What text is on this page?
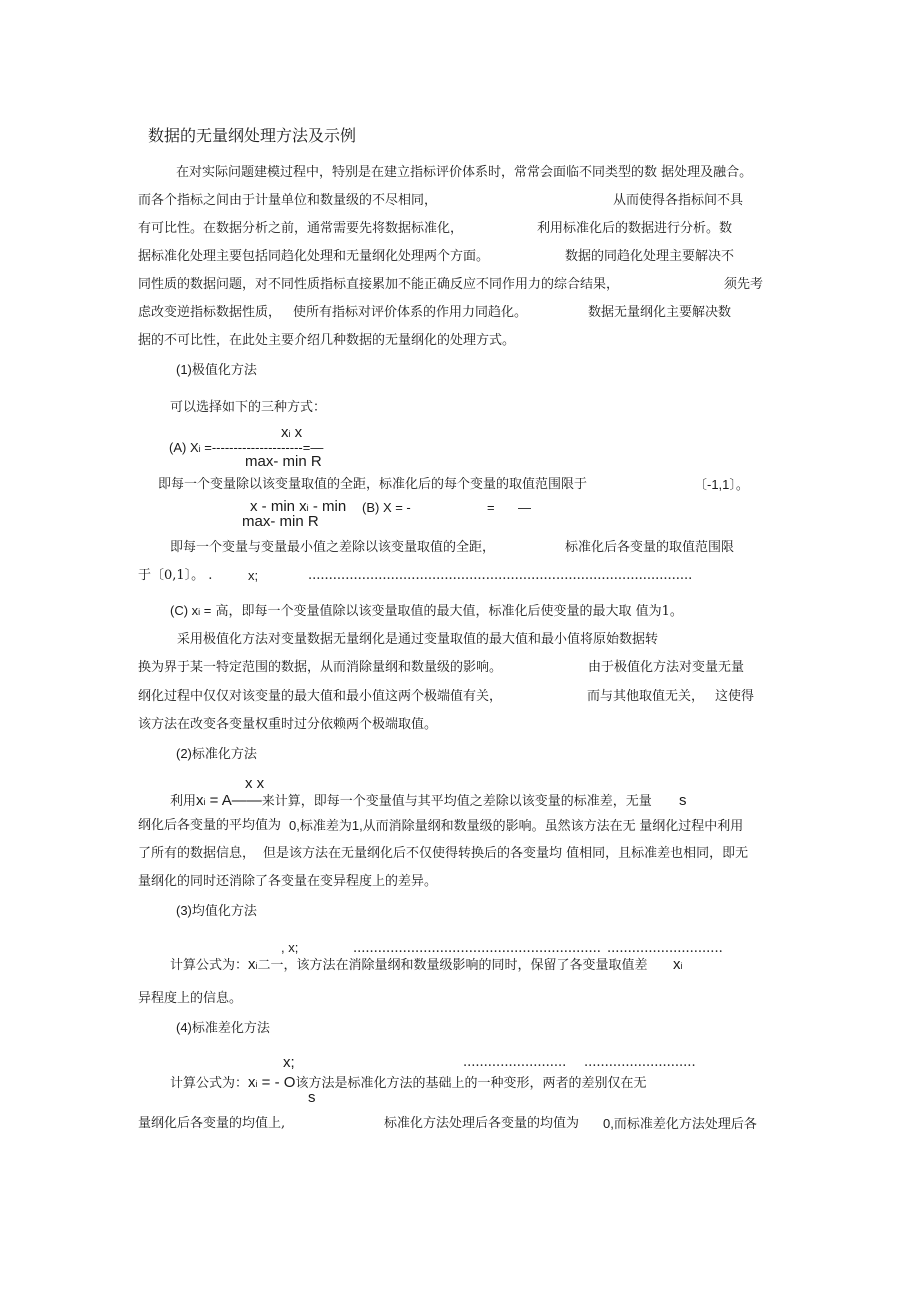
数据的无量纲处理方法及示例
在对实际问题建模过程中，特别是在建立指标评价体系时，常常会面临不同类型的数 据处理及融合。
而各个指标之间由于计量单位和数量级的不尽相同，	从而使得各指标间不具
有可比性。在数据分析之前，通常需要先将数据标准化，	利用标准化后的数据进行分析。数
据标准化处理主要包括同趋化处理和无量纲化处理两个方面。	数据的同趋化处理主要解决不
同性质的数据问题，对不同性质指标直接累加不能正确反应不同作用力的综合结果，	须先考
虑改变逆指标数据性质， 使所有指标对评价体系的作用力同趋化。	数据无量纲化主要解决数
据的不可比性，在此处主要介绍几种数据的无量纲化的处理方式。
(1)极值化方法
可以选择如下的三种方式：
xi x
(A) Xi =---------------------=—
max- min R
即每一个变量除以该变量取值的全距，标准化后的每个变量的取值范围限于	〔-1,1〕。
x - min xi - min (B) X = -	= —
max- min R
即每一个变量与变量最小值之差除以该变量取值的全距，	标准化后各变量的取值范围限
于〔0,1〕。 .	x;	.............................................................................................
(C) xi = 高，即每一个变量值除以该变量取值的最大值，标准化后使变量的最大取 值为1。
采用极值化方法对变量数据无量纲化是通过变量取值的最大值和最小值将原始数据转
换为界于某一特定范围的数据，从而消除量纲和数量级的影响。	由于极值化方法对变量无量
纲化过程中仅仅对该变量的最大值和最小值这两个极端值有关，	而与其他取值无关， 这使得
该方法在改变各变量权重时过分依赖两个极端取值。
(2)标准化方法
x x
利用xi = A——来计算，即每一个变量值与其平均值之差除以该变量的标准差，无量 s
纲化后各变量的平均值为 0,标准差为1,从而消除量纲和数量级的影响。虽然该方法在无 量纲化过程中利用
了所有的数据信息， 但是该方法在无量纲化后不仅使得转换后的各变量均 值相同，且标准差也相同，即无
量纲化的同时还消除了各变量在变异程度上的差异。
(3)均值化方法
, x;	............................................................ ............................
计算公式为：xi二一，该方法在消除量纲和数量级影响的同时，保留了各变量取值差 xi
异程度上的信息。
(4)标准差化方法
x;	......................... ...........................
计算公式为：xi = - O该方法是标准化方法的基础上的一种变形，两者的差别仅在无
s
量纲化后各变量的均值上,	标准化方法处理后各变量的均值为 0,而标准差化方法处理后各
